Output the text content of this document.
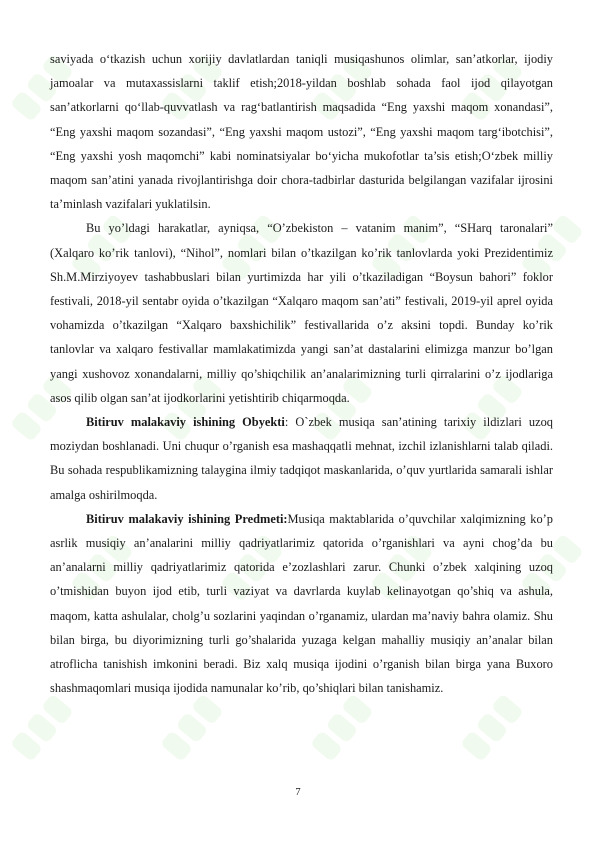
saviyada o‘tkazish uchun xorijiy davlatlardan taniqli musiqashunos olimlar, san’atkorlar, ijodiy jamoalar va mutaxassislarni taklif etish;2018-yildan boshlab sohada faol ijod qilayotgan san’atkorlarni qo‘llab-quvvatlash va rag‘batlantirish maqsadida “Eng yaxshi maqom xonandasi”, “Eng yaxshi maqom sozandasi”, “Eng yaxshi maqom ustozi”, “Eng yaxshi maqom targ‘ibotchisi”, “Eng yaxshi yosh maqomchi” kabi nominatsiyalar bo‘yicha mukofotlar ta’sis etish;O‘zbek milliy maqom san’atini yanada rivojlantirishga doir chora-tadbirlar dasturida belgilangan vazifalar ijrosini ta’minlash vazifalari yuklatilsin.

Bu yo’ldagi harakatlar, ayniqsa, “O’zbekiston – vatanim manim”, “SHarq taronalari” (Xalqaro ko’rik tanlovi), “Nihol”, nomlari bilan o’tkazilgan ko’rik tanlovlarda yoki Prezidentimiz Sh.M.Mirziyoyev tashabbuslari bilan yurtimizda har yili o’tkaziladigan “Boysun bahori” foklor festivali, 2018-yil sentabr oyida o’tkazilgan “Xalqaro maqom san’ati” festivali, 2019-yil aprel oyida vohamizda o’tkazilgan “Xalqaro baxshichilik” festivallarida o’z aksini topdi. Bunday ko’rik tanlovlar va xalqaro festivallar mamlakatimizda yangi san’at dastalarini elimizga manzur bo’lgan yangi xushovoz xonandalarni, milliy qo’shiqchilik an’analarimizning turli qirralarini o’z ijodlariga asos qilib olgan san’at ijodkorlarini yetishtirib chiqarmoqda.

Bitiruv malakaviy ishining Obyekti: O`zbek musiqa san’atining tarixiy ildizlari uzoq moziydan boshlanadi. Uni chuqur o’rganish esa mashaqqatli mehnat, izchil izlanishlarni talab qiladi. Bu sohada respublikamizning talaygina ilmiy tadqiqot maskanlarida, o’quv yurtlarida samarali ishlar amalga oshirilmoqda.

Bitiruv malakaviy ishining Predmeti:Musiqa maktablarida o’quvchilar xalqimizning ko’p asrlik musiqiy an’analarini milliy qadriyatlarimiz qatorida o’rganishlari va ayni chog’da bu an’analarni milliy qadriyatlarimiz qatorida e’zozlashlari zarur. Chunki o’zbek xalqining uzoq o’tmishidan buyon ijod etib, turli vaziyat va davrlarda kuylab kelinayotgan qo’shiq va ashula, maqom, katta ashulalar, cholg’u sozlarini yaqindan o’rganamiz, ulardan ma’naviy bahra olamiz. Shu bilan birga, bu diyorimizning turli go’shalarida yuzaga kelgan mahalliy musiqiy an’analar bilan atroflicha tanishish imkonini beradi. Biz xalq musiqa ijodini o’rganish bilan birga yana Buxoro shashmaqomlari musiqa ijodida namunalar ko’rib, qo’shiqlari bilan tanishamiz.

7
